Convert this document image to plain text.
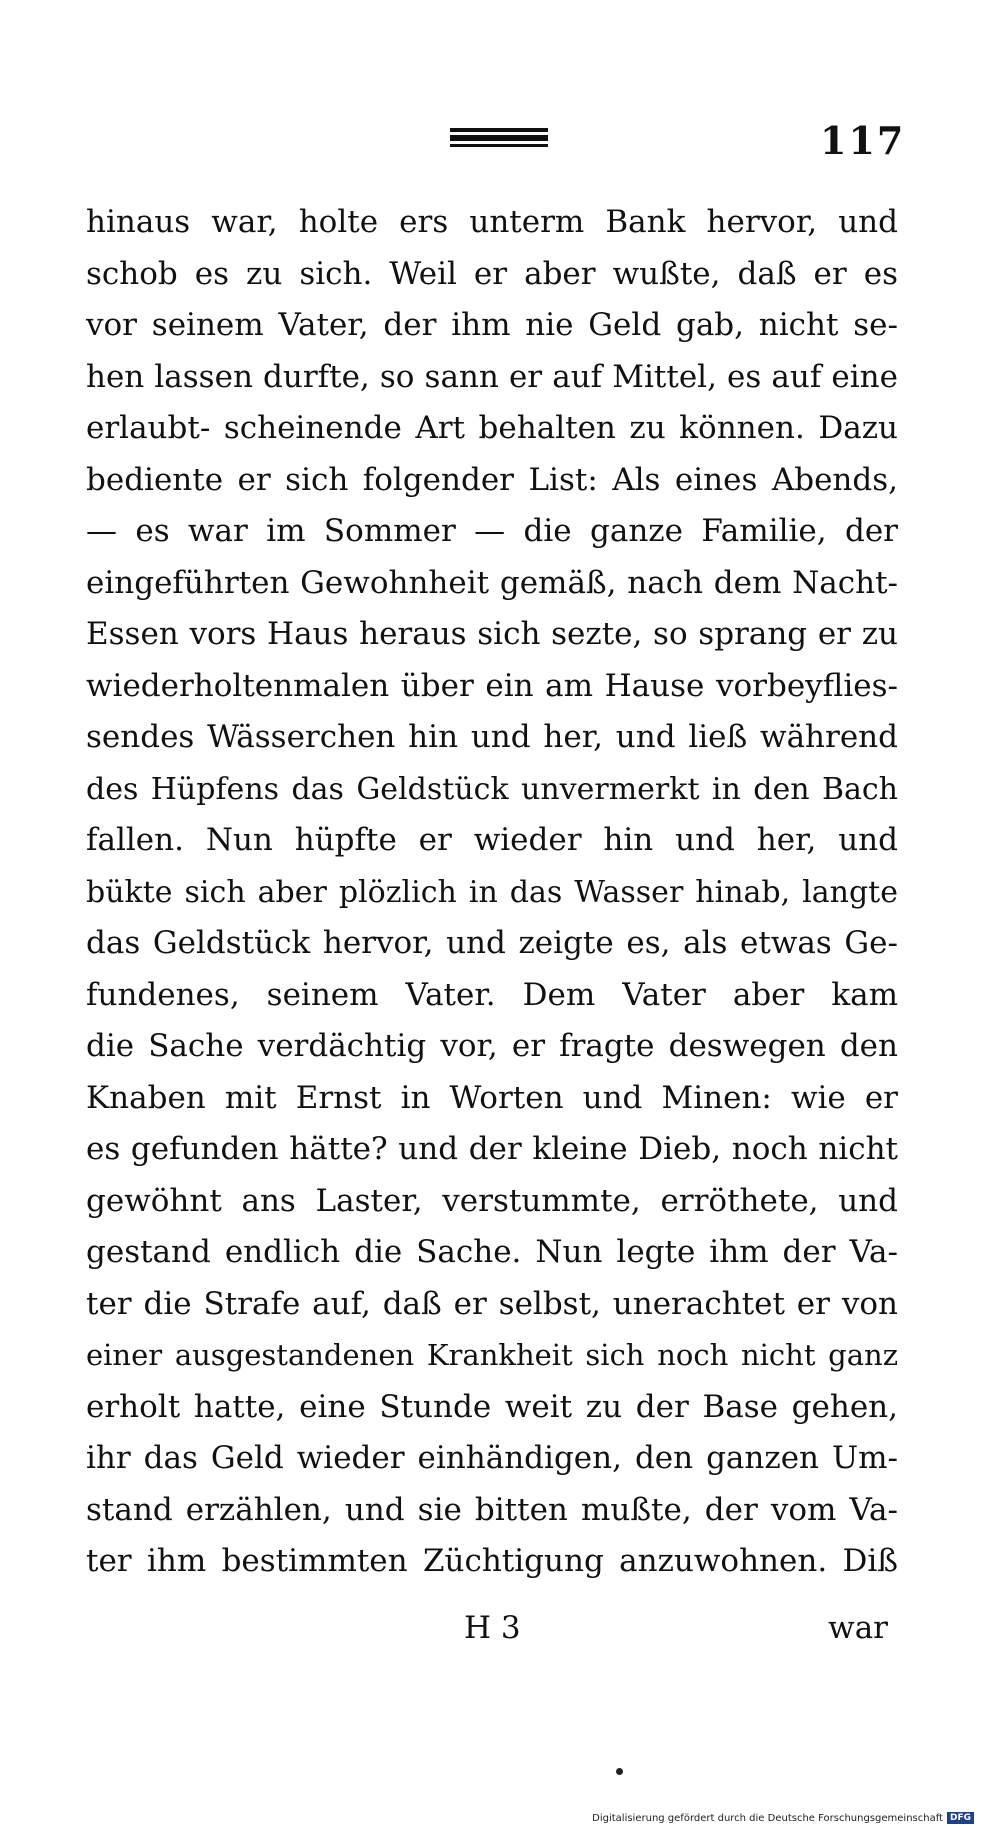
117
hinaus war, holte ers unterm Bank hervor, und
schob es zu sich. Weil er aber wußte, daß er es
vor seinem Vater, der ihm nie Geld gab, nicht se-
hen lassen durfte, so sann er auf Mittel, es auf eine
erlaubt- scheinende Art behalten zu können. Dazu
bediente er sich folgender List: Als eines Abends,
— es war im Sommer — die ganze Familie, der
eingeführten Gewohnheit gemäß, nach dem Nacht-
Essen vors Haus heraus sich sezte, so sprang er zu
wiederholtenmalen über ein am Hause vorbeyflies-
sendes Wässerchen hin und her, und ließ während
des Hüpfens das Geldstück unvermerkt in den Bach
fallen. Nun hüpfte er wieder hin und her, und
bükte sich aber plözlich in das Wasser hinab, langte
das Geldstück hervor, und zeigte es, als etwas Ge-
fundenes, seinem Vater. Dem Vater aber kam
die Sache verdächtig vor, er fragte deswegen den
Knaben mit Ernst in Worten und Minen: wie er
es gefunden hätte? und der kleine Dieb, noch nicht
gewöhnt ans Laster, verstummte, erröthete, und
gestand endlich die Sache. Nun legte ihm der Va-
ter die Strafe auf, daß er selbst, unerachtet er von
einer ausgestandenen Krankheit sich noch nicht ganz
erholt hatte, eine Stunde weit zu der Base gehen,
ihr das Geld wieder einhändigen, den ganzen Um-
stand erzählen, und sie bitten mußte, der vom Va-
ter ihm bestimmten Züchtigung anzuwohnen. Diß
H 3	war
Digitalisierung gefördert durch die Deutsche Forschungsgemeinschaft DFG
